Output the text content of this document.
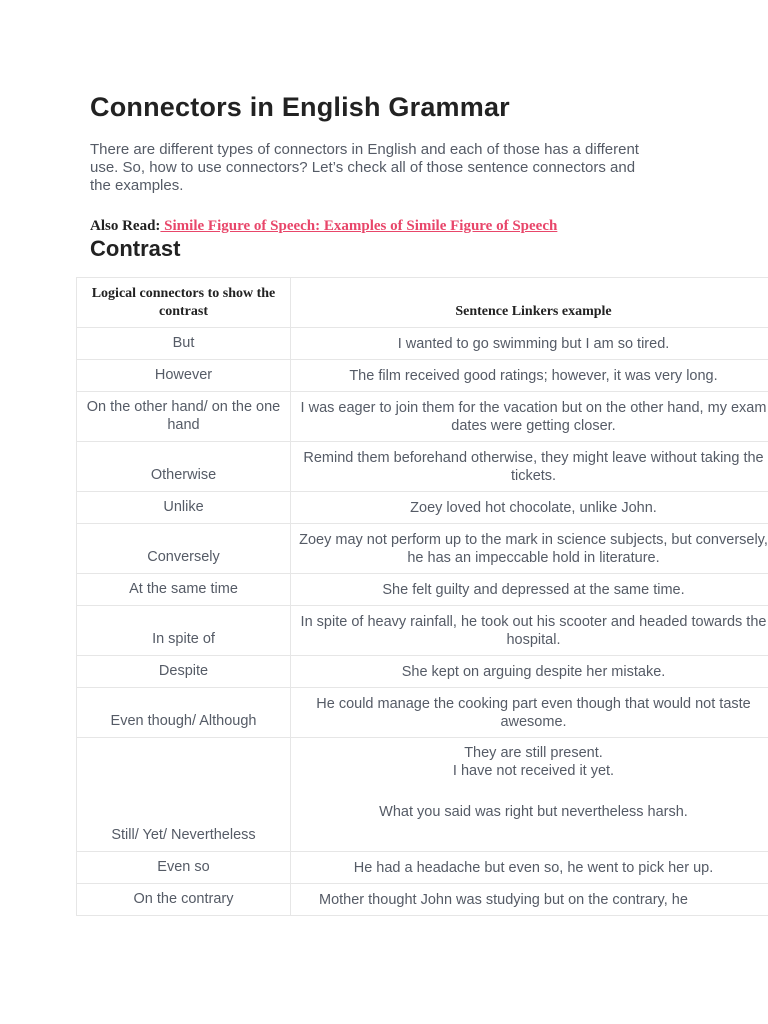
Connectors in English Grammar

There are different types of connectors in English and each of those has a different use. So, how to use connectors? Let’s check all of those sentence connectors and the examples.

Also Read: Simile Figure of Speech: Examples of Simile Figure of Speech

Contrast
Logical connectors to show the contrast	Sentence Linkers example
But	I wanted to go swimming but I am so tired.
However	The film received good ratings; however, it was very long.
On the other hand/ on the one hand	I was eager to join them for the vacation but on the other hand, my exam dates were getting closer.
Otherwise	Remind them beforehand otherwise, they might leave without taking the tickets.
Unlike	Zoey loved hot chocolate, unlike John.
Conversely	Zoey may not perform up to the mark in science subjects, but conversely, he has an impeccable hold in literature.
At the same time	She felt guilty and depressed at the same time.
In spite of	In spite of heavy rainfall, he took out his scooter and headed towards the hospital.
Despite	She kept on arguing despite her mistake.
Even though/ Although	He could manage the cooking part even though that would not taste awesome.
Still/ Yet/ Nevertheless	They are still present.
I have not received it yet.
What you said was right but nevertheless harsh.

Even so	He had a headache but even so, he went to pick her up.
On the contrary	Mother thought John was studying but on the contrary, he
